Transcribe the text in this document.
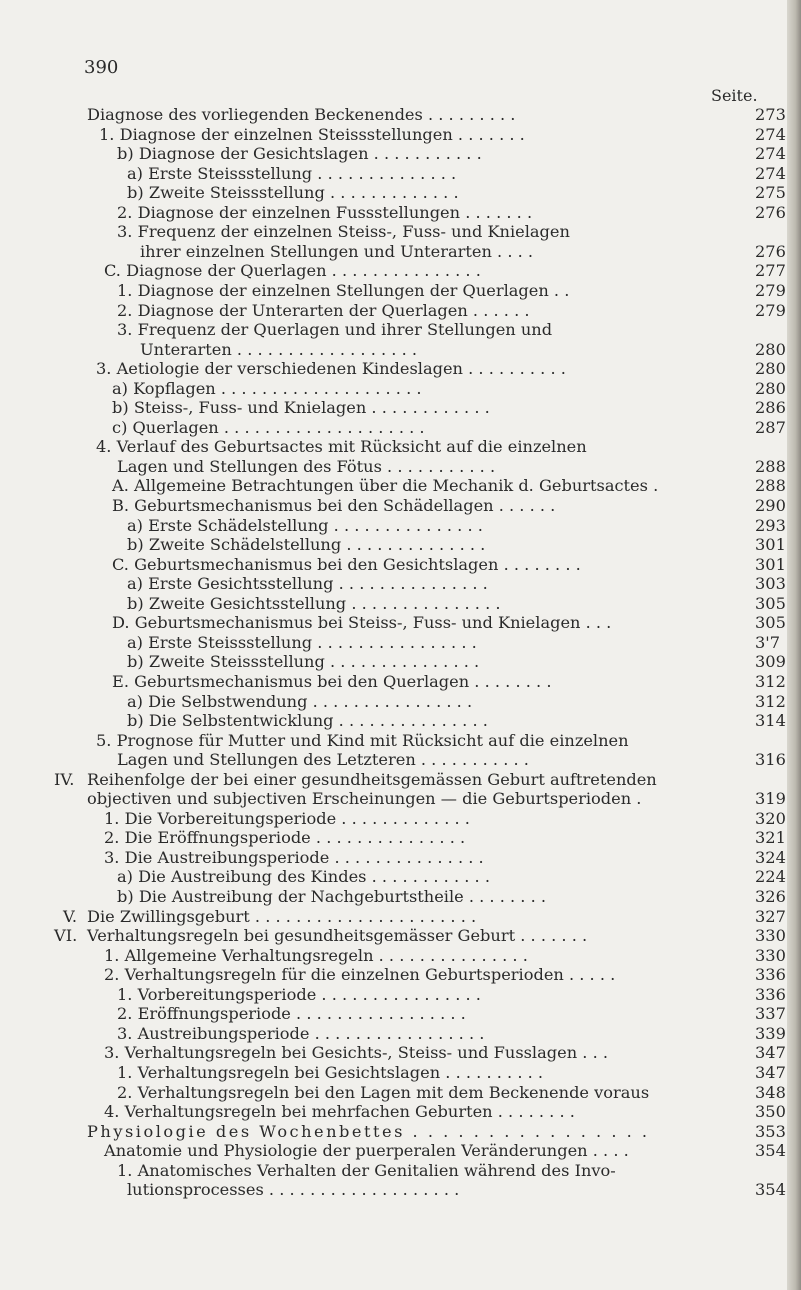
390
Seite.
Diagnose des vorliegenden Beckenendes . . . . . . . . .	273
1. Diagnose der einzelnen Steissstellungen . . . . . . .	274
b) Diagnose der Gesichtslagen . . . . . . . . . . .	274
a) Erste Steissstellung . . . . . . . . . . . . . .	274
b) Zweite Steissstellung . . . . . . . . . . . . .	275
2. Diagnose der einzelnen Fussstellungen . . . . . . .	276
3. Frequenz der einzelnen Steiss-, Fuss- und Knielagen
ihrer einzelnen Stellungen und Unterarten . . . .	276
C. Diagnose der Querlagen . . . . . . . . . . . . . . .	277
1. Diagnose der einzelnen Stellungen der Querlagen . .	279
2. Diagnose der Unterarten der Querlagen . . . . . .	279
3. Frequenz der Querlagen und ihrer Stellungen und
Unterarten . . . . . . . . . . . . . . . . . .	280
3. Aetiologie der verschiedenen Kindeslagen . . . . . . . . . .	280
a) Kopflagen . . . . . . . . . . . . . . . . . . . .	280
b) Steiss-, Fuss- und Knielagen . . . . . . . . . . . .	286
c) Querlagen . . . . . . . . . . . . . . . . . . . .	287
4. Verlauf des Geburtsactes mit Rücksicht auf die einzelnen
Lagen und Stellungen des Fötus . . . . . . . . . . .	288
A. Allgemeine Betrachtungen über die Mechanik d. Geburtsactes .	288
B. Geburtsmechanismus bei den Schädellagen . . . . . .	290
a) Erste Schädelstellung . . . . . . . . . . . . . . .	293
b) Zweite Schädelstellung . . . . . . . . . . . . . .	301
C. Geburtsmechanismus bei den Gesichtslagen . . . . . . . .	301
a) Erste Gesichtsstellung . . . . . . . . . . . . . . .	303
b) Zweite Gesichtsstellung . . . . . . . . . . . . . . .	305
D. Geburtsmechanismus bei Steiss-, Fuss- und Knielagen . . .	305
a) Erste Steissstellung . . . . . . . . . . . . . . . .	3'7
b) Zweite Steissstellung . . . . . . . . . . . . . . .	309
E. Geburtsmechanismus bei den Querlagen . . . . . . . .	312
a) Die Selbstwendung . . . . . . . . . . . . . . . .	312
b) Die Selbstentwicklung . . . . . . . . . . . . . . .	314
5. Prognose für Mutter und Kind mit Rücksicht auf die einzelnen
Lagen und Stellungen des Letzteren . . . . . . . . . . .	316
IV. Reihenfolge der bei einer gesundheitsgemässen Geburt auftretenden
objectiven und subjectiven Erscheinungen — die Geburtsperioden .	319
1. Die Vorbereitungsperiode . . . . . . . . . . . . .	320
2. Die Eröffnungsperiode . . . . . . . . . . . . . . .	321
3. Die Austreibungsperiode . . . . . . . . . . . . . . .	324
a) Die Austreibung des Kindes . . . . . . . . . . . .	224
b) Die Austreibung der Nachgeburtstheile . . . . . . . .	326
V. Die Zwillingsgeburt . . . . . . . . . . . . . . . . . . . . . .	327
VI. Verhaltungsregeln bei gesundheitsgemässer Geburt . . . . . . .	330
1. Allgemeine Verhaltungsregeln . . . . . . . . . . . . . . .	330
2. Verhaltungsregeln für die einzelnen Geburtsperioden . . . . .	336
1. Vorbereitungsperiode . . . . . . . . . . . . . . . .	336
2. Eröffnungsperiode . . . . . . . . . . . . . . . . .	337
3. Austreibungsperiode . . . . . . . . . . . . . . . . .	339
3. Verhaltungsregeln bei Gesichts-, Steiss- und Fusslagen . . .	347
1. Verhaltungsregeln bei Gesichtslagen . . . . . . . . . .	347
2. Verhaltungsregeln bei den Lagen mit dem Beckenende voraus	348
4. Verhaltungsregeln bei mehrfachen Geburten . . . . . . . .	350
Physiologie des Wochenbettes . . . . . . . . . . . . . . . .	353
Anatomie und Physiologie der puerperalen Veränderungen . . . .	354
1. Anatomisches Verhalten der Genitalien während des Invo-
lutionsprocesses . . . . . . . . . . . . . . . . . . .	354
